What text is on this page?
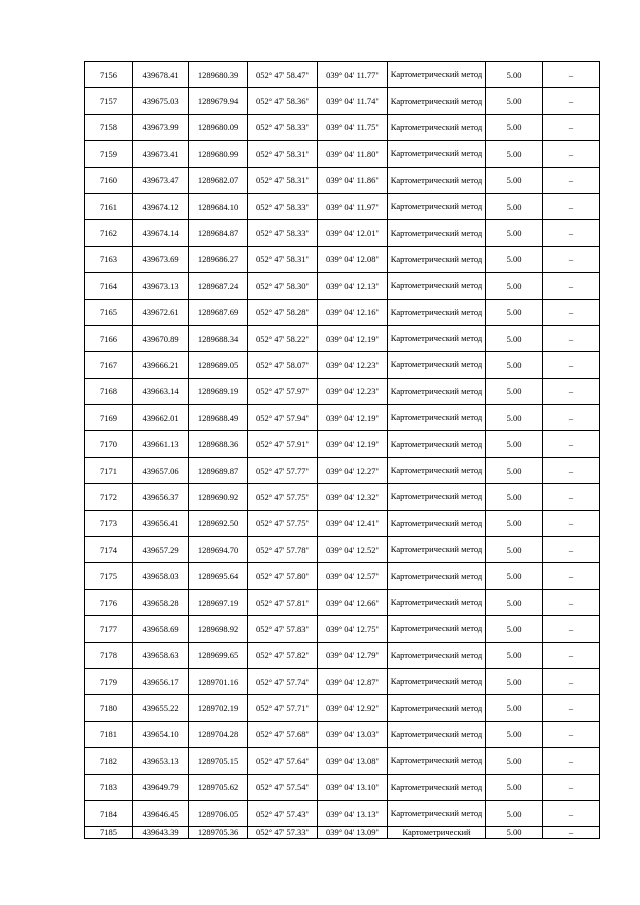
7156	439678.41	1289680.39	052° 47' 58.47"	039° 04' 11.77"	Картометрический метод	5.00	–
7157	439675.03	1289679.94	052° 47' 58.36"	039° 04' 11.74"	Картометрический метод	5.00	–
7158	439673.99	1289680.09	052° 47' 58.33"	039° 04' 11.75"	Картометрический метод	5.00	–
7159	439673.41	1289680.99	052° 47' 58.31"	039° 04' 11.80"	Картометрический метод	5.00	–
7160	439673.47	1289682.07	052° 47' 58.31"	039° 04' 11.86"	Картометрический метод	5.00	–
7161	439674.12	1289684.10	052° 47' 58.33"	039° 04' 11.97"	Картометрический метод	5.00	–
7162	439674.14	1289684.87	052° 47' 58.33"	039° 04' 12.01"	Картометрический метод	5.00	–
7163	439673.69	1289686.27	052° 47' 58.31"	039° 04' 12.08"	Картометрический метод	5.00	–
7164	439673.13	1289687.24	052° 47' 58.30"	039° 04' 12.13"	Картометрический метод	5.00	–
7165	439672.61	1289687.69	052° 47' 58.28"	039° 04' 12.16"	Картометрический метод	5.00	–
7166	439670.89	1289688.34	052° 47' 58.22"	039° 04' 12.19"	Картометрический метод	5.00	–
7167	439666.21	1289689.05	052° 47' 58.07"	039° 04' 12.23"	Картометрический метод	5.00	–
7168	439663.14	1289689.19	052° 47' 57.97"	039° 04' 12.23"	Картометрический метод	5.00	–
7169	439662.01	1289688.49	052° 47' 57.94"	039° 04' 12.19"	Картометрический метод	5.00	–
7170	439661.13	1289688.36	052° 47' 57.91"	039° 04' 12.19"	Картометрический метод	5.00	–
7171	439657.06	1289689.87	052° 47' 57.77"	039° 04' 12.27"	Картометрический метод	5.00	–
7172	439656.37	1289690.92	052° 47' 57.75"	039° 04' 12.32"	Картометрический метод	5.00	–
7173	439656.41	1289692.50	052° 47' 57.75"	039° 04' 12.41"	Картометрический метод	5.00	–
7174	439657.29	1289694.70	052° 47' 57.78"	039° 04' 12.52"	Картометрический метод	5.00	–
7175	439658.03	1289695.64	052° 47' 57.80"	039° 04' 12.57"	Картометрический метод	5.00	–
7176	439658.28	1289697.19	052° 47' 57.81"	039° 04' 12.66"	Картометрический метод	5.00	–
7177	439658.69	1289698.92	052° 47' 57.83"	039° 04' 12.75"	Картометрический метод	5.00	–
7178	439658.63	1289699.65	052° 47' 57.82"	039° 04' 12.79"	Картометрический метод	5.00	–
7179	439656.17	1289701.16	052° 47' 57.74"	039° 04' 12.87"	Картометрический метод	5.00	–
7180	439655.22	1289702.19	052° 47' 57.71"	039° 04' 12.92"	Картометрический метод	5.00	–
7181	439654.10	1289704.28	052° 47' 57.68"	039° 04' 13.03"	Картометрический метод	5.00	–
7182	439653.13	1289705.15	052° 47' 57.64"	039° 04' 13.08"	Картометрический метод	5.00	–
7183	439649.79	1289705.62	052° 47' 57.54"	039° 04' 13.10"	Картометрический метод	5.00	–
7184	439646.45	1289706.05	052° 47' 57.43"	039° 04' 13.13"	Картометрический метод	5.00	–
7185	439643.39	1289705.36	052° 47' 57.33"	039° 04' 13.09"	Картометрический	5.00	–
